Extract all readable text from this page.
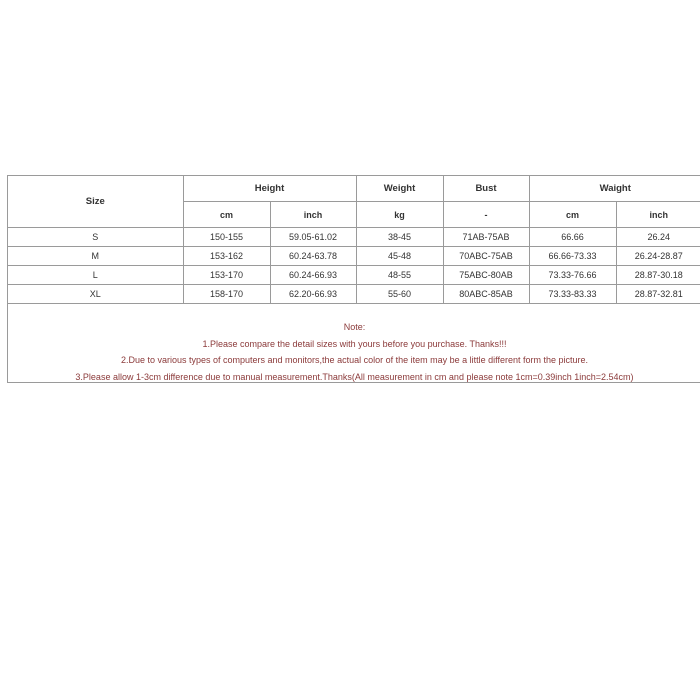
Size	Height		Weight	Bust	Waight	
	cm	inch	kg	-	cm	inch
S	150-155	59.05-61.02	38-45	71AB-75AB	66.66	26.24
M	153-162	60.24-63.78	45-48	70ABC-75AB	66.66-73.33	26.24-28.87
L	153-170	60.24-66.93	48-55	75ABC-80AB	73.33-76.66	28.87-30.18
XL	158-170	62.20-66.93	55-60	80ABC-85AB	73.33-83.33	28.87-32.81
Note:
1.Please compare the detail sizes with yours before you purchase. Thanks!!!
2.Due to various types of computers and monitors,the actual color of the item may be a little different form the picture.
3.Please allow 1-3cm difference due to manual measurement.Thanks(All measurement in cm and please note 1cm=0.39inch 1inch=2.54cm)
